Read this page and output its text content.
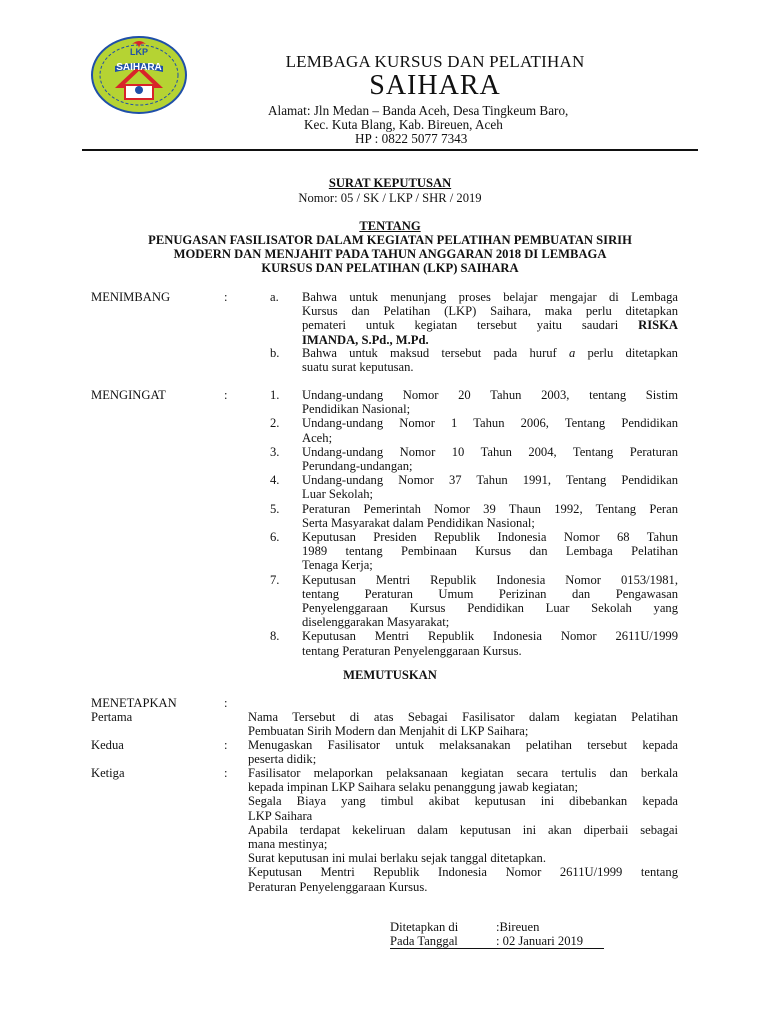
LKP
SAIHARA	LEMBAGA KURSUS DAN PELATIHAN
SAIHARA
Alamat: Jln Medan – Banda Aceh, Desa Tingkeum Baro,
Kec. Kuta Blang, Kab. Bireuen, Aceh
HP : 0822 5077 7343
SURAT KEPUTUSAN
Nomor: 05 / SK / LKP / SHR / 2019
TENTANG
PENUGASAN FASILISATOR DALAM KEGIATAN PELATIHAN PEMBUATAN SIRIH
MODERN DAN MENJAHIT PADA TAHUN ANGGARAN 2018 DI LEMBAGA
KURSUS DAN PELATIHAN (LKP) SAIHARA
MENIMBANG	:	a. Bahwa untuk menunjang proses belajar mengajar di Lembaga
Kursus dan Pelatihan (LKP) Saihara, maka perlu ditetapkan
pemateri untuk kegiatan tersebut yaitu saudari RISKA
IMANDA, S.Pd., M.Pd.
b. Bahwa untuk maksud tersebut pada huruf a perlu ditetapkan
suatu surat keputusan.
MENGINGAT	:	1. Undang-undang Nomor 20 Tahun 2003, tentang Sistim
Pendidikan Nasional;
2. Undang-undang Nomor 1 Tahun 2006, Tentang Pendidikan
Aceh;
3. Undang-undang Nomor 10 Tahun 2004, Tentang Peraturan
Perundang-undangan;
4. Undang-undang Nomor 37 Tahun 1991, Tentang Pendidikan
Luar Sekolah;
5. Peraturan Pemerintah Nomor 39 Thaun 1992, Tentang Peran
Serta Masyarakat dalam Pendidikan Nasional;
6. Keputusan Presiden Republik Indonesia Nomor 68 Tahun
1989 tentang Pembinaan Kursus dan Lembaga Pelatihan
Tenaga Kerja;
7. Keputusan Mentri Republik Indonesia Nomor 0153/1981,
tentang Peraturan Umum Perizinan dan Pengawasan
Penyelenggaraan Kursus Pendidikan Luar Sekolah yang
diselenggarakan Masyarakat;
8. Keputusan Mentri Republik Indonesia Nomor 2611U/1999
tentang Peraturan Penyelenggaraan Kursus.
MEMUTUSKAN
MENETAPKAN	:
Pertama	Nama Tersebut di atas Sebagai Fasilisator dalam kegiatan Pelatihan
Pembuatan Sirih Modern dan Menjahit di LKP Saihara;
Kedua	: Menugaskan Fasilisator untuk melaksanakan pelatihan tersebut kepada
peserta didik;
Ketiga	: Fasilisator melaporkan pelaksanaan kegiatan secara tertulis dan berkala
kepada impinan LKP Saihara selaku penanggung jawab kegiatan;
Segala Biaya yang timbul akibat keputusan ini dibebankan kepada
LKP Saihara
Apabila terdapat kekeliruan dalam keputusan ini akan diperbaii sebagai
mana mestinya;
Surat keputusan ini mulai berlaku sejak tanggal ditetapkan.
Keputusan Mentri Republik Indonesia Nomor 2611U/1999 tentang
Peraturan Penyelenggaraan Kursus.
Ditetapkan di	:Bireuen
Pada Tanggal	: 02 Januari 2019
